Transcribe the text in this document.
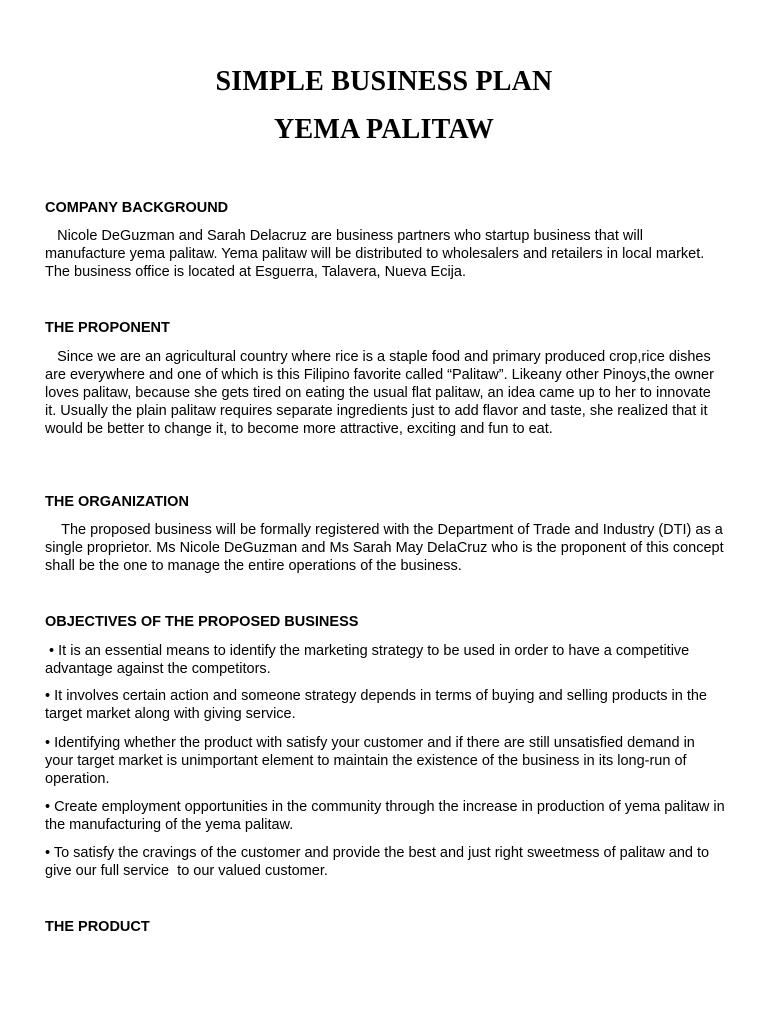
SIMPLE BUSINESS PLAN
YEMA PALITAW

COMPANY BACKGROUND

Nicole DeGuzman and Sarah Delacruz are business partners who startup business that will manufacture yema palitaw. Yema palitaw will be distributed to wholesalers and retailers in local market. The business office is located at Esguerra, Talavera, Nueva Ecija.

THE PROPONENT

Since we are an agricultural country where rice is a staple food and primary produced crop,rice dishes are everywhere and one of which is this Filipino favorite called “Palitaw”. Likeany other Pinoys,the owner loves palitaw, because she gets tired on eating the usual flat palitaw, an idea came up to her to innovate it. Usually the plain palitaw requires separate ingredients just to add flavor and taste, she realized that it would be better to change it, to become more attractive, exciting and fun to eat.

THE ORGANIZATION

The proposed business will be formally registered with the Department of Trade and Industry (DTI) as a single proprietor. Ms Nicole DeGuzman and Ms Sarah May DelaCruz who is the proponent of this concept shall be the one to manage the entire operations of the business.

OBJECTIVES OF THE PROPOSED BUSINESS

• It is an essential means to identify the marketing strategy to be used in order to have a competitive advantage against the competitors.

• It involves certain action and someone strategy depends in terms of buying and selling products in the target market along with giving service.

• Identifying whether the product with satisfy your customer and if there are still unsatisfied demand in your target market is unimportant element to maintain the existence of the business in its long-run of operation.

• Create employment opportunities in the community through the increase in production of yema palitaw in the manufacturing of the yema palitaw.

• To satisfy the cravings of the customer and provide the best and just right sweetmess of palitaw and to give our full service  to our valued customer.

THE PRODUCT
